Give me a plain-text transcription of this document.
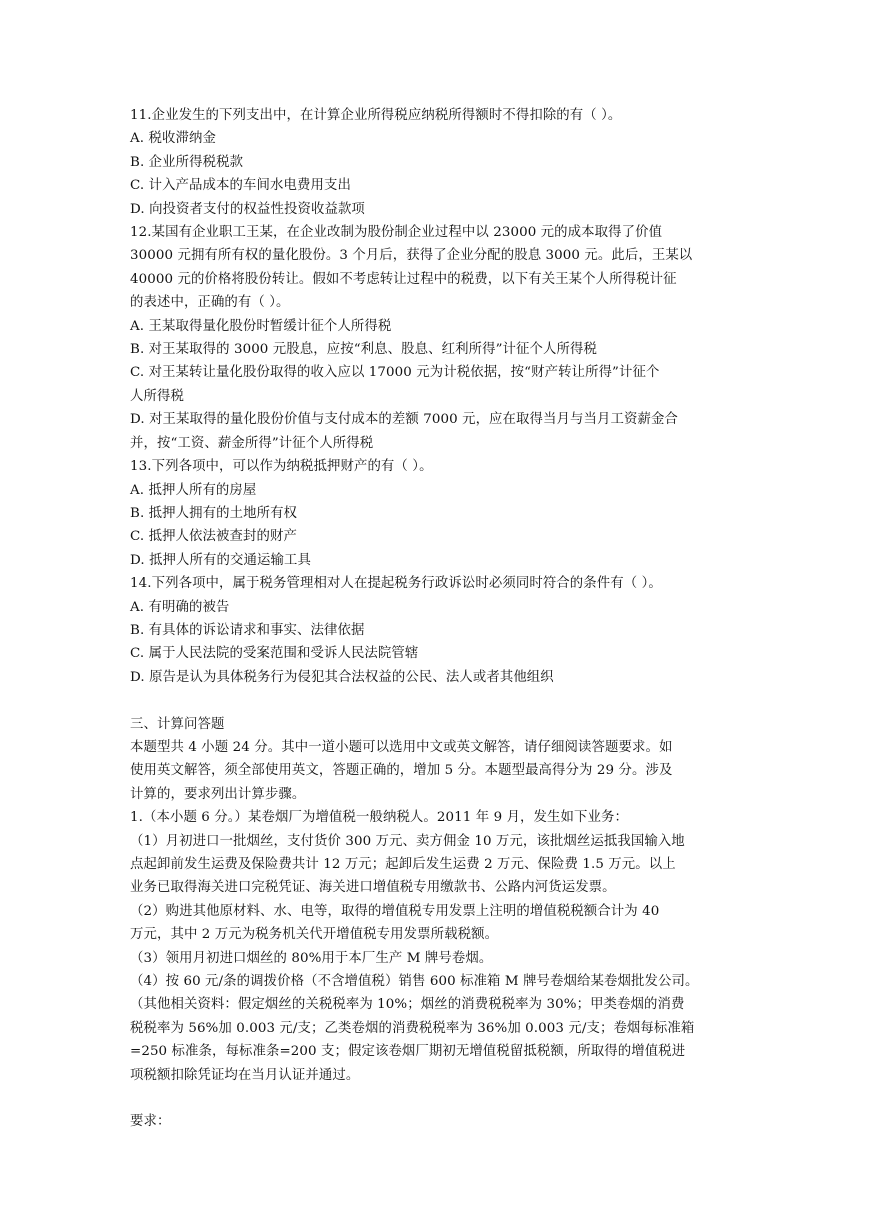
11.企业发生的下列支出中，在计算企业所得税应纳税所得额时不得扣除的有（ ）。
A. 税收滞纳金
B. 企业所得税税款
C. 计入产品成本的车间水电费用支出
D. 向投资者支付的权益性投资收益款项
12.某国有企业职工王某，在企业改制为股份制企业过程中以 23000 元的成本取得了价值
30000 元拥有所有权的量化股份。3 个月后，获得了企业分配的股息 3000 元。此后，王某以
40000 元的价格将股份转让。假如不考虑转让过程中的税费，以下有关王某个人所得税计征
的表述中，正确的有（ ）。
A. 王某取得量化股份时暂缓计征个人所得税
B. 对王某取得的 3000 元股息，应按“利息、股息、红利所得”计征个人所得税
C. 对王某转让量化股份取得的收入应以 17000 元为计税依据，按“财产转让所得”计征个
人所得税
D. 对王某取得的量化股份价值与支付成本的差额 7000 元，应在取得当月与当月工资薪金合
并，按“工资、薪金所得”计征个人所得税
13.下列各项中，可以作为纳税抵押财产的有（ ）。
A. 抵押人所有的房屋
B. 抵押人拥有的土地所有权
C. 抵押人依法被查封的财产
D. 抵押人所有的交通运输工具
14.下列各项中，属于税务管理相对人在提起税务行政诉讼时必须同时符合的条件有（ ）。
A. 有明确的被告
B. 有具体的诉讼请求和事实、法律依据
C. 属于人民法院的受案范围和受诉人民法院管辖
D. 原告是认为具体税务行为侵犯其合法权益的公民、法人或者其他组织
三、计算问答题
本题型共 4 小题 24 分。其中一道小题可以选用中文或英文解答，请仔细阅读答题要求。如
使用英文解答，须全部使用英文，答题正确的，增加 5 分。本题型最高得分为 29 分。涉及
计算的，要求列出计算步骤。
1.（本小题 6 分。）某卷烟厂为增值税一般纳税人。2011 年 9 月，发生如下业务：
（1）月初进口一批烟丝，支付货价 300 万元、卖方佣金 10 万元，该批烟丝运抵我国输入地
点起卸前发生运费及保险费共计 12 万元；起卸后发生运费 2 万元、保险费 1.5 万元。以上
业务已取得海关进口完税凭证、海关进口增值税专用缴款书、公路内河货运发票。
（2）购进其他原材料、水、电等，取得的增值税专用发票上注明的增值税税额合计为 40
万元，其中 2 万元为税务机关代开增值税专用发票所载税额。
（3）领用月初进口烟丝的 80%用于本厂生产 M 牌号卷烟。
（4）按 60 元/条的调拨价格（不含增值税）销售 600 标准箱 M 牌号卷烟给某卷烟批发公司。
（其他相关资料：假定烟丝的关税税率为 10%；烟丝的消费税税率为 30%；甲类卷烟的消费
税税率为 56%加 0.003 元/支；乙类卷烟的消费税税率为 36%加 0.003 元/支；卷烟每标准箱
=250 标准条，每标准条=200 支；假定该卷烟厂期初无增值税留抵税额，所取得的增值税进
项税额扣除凭证均在当月认证并通过。
要求：
